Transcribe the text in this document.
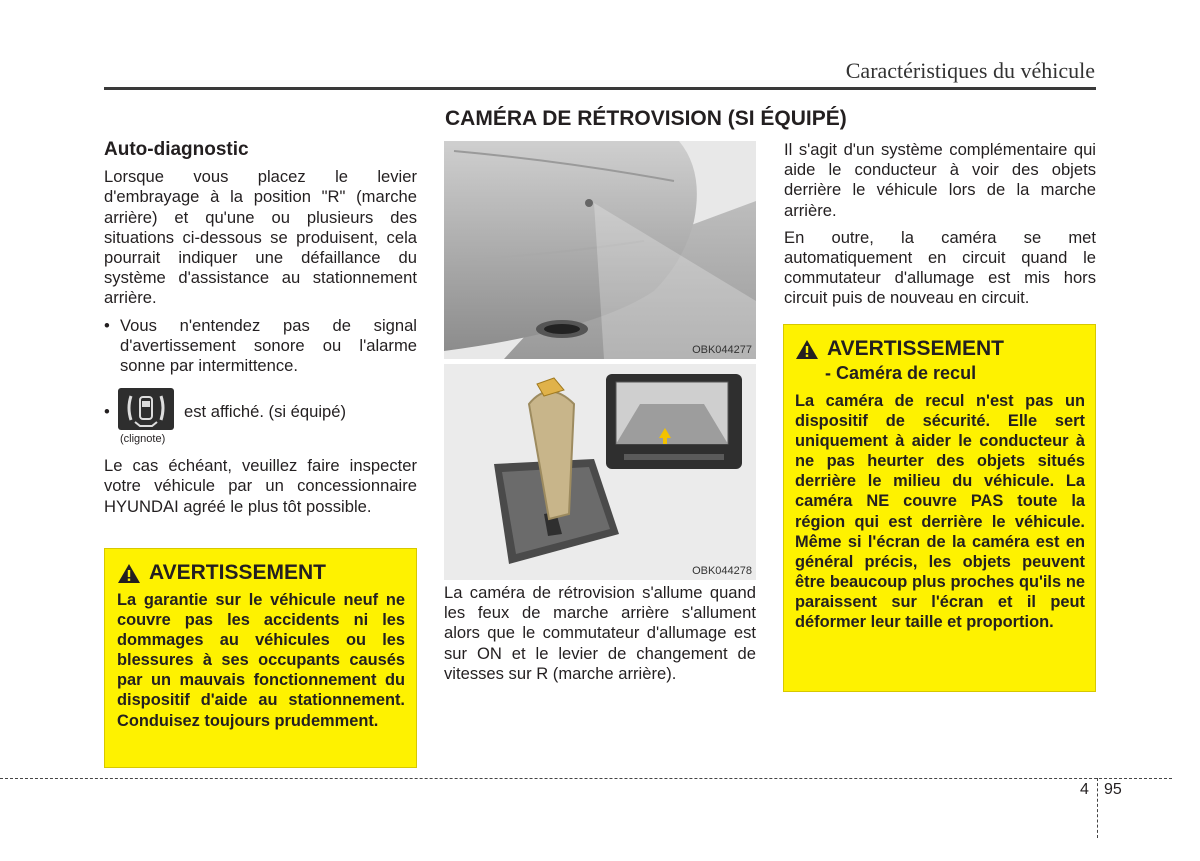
Caractéristiques du véhicule
CAMÉRA DE RÉTROVISION (SI ÉQUIPÉ)
Auto-diagnostic

Lorsque vous placez le levier d'embrayage à la position "R" (marche arrière) et qu'une ou plusieurs des situations ci-dessous se produisent, cela pourrait indiquer une défaillance du système d'assistance au stationnement arrière.

• Vous n'entendez pas de signal d'avertissement sonore ou l'alarme sonne par intermittence.
•	est affiché. (si équipé)
(clignote)

Le cas échéant, veuillez faire inspecter votre véhicule par un concessionnaire HYUNDAI agréé le plus tôt possible.

AVERTISSEMENT
La garantie sur le véhicule neuf ne couvre pas les accidents ni les dommages au véhicules ou les blessures à ses occupants causés par un mauvais fonctionnement du dispositif d'aide au stationnement. Conduisez toujours prudemment.
OBK044277
OBK044278
La caméra de rétrovision s'allume quand les feux de marche arrière s'allument alors que le commutateur d'allumage est sur ON et le levier de changement de vitesses sur R (marche arrière).

Il s'agit d'un système complémentaire qui aide le conducteur à voir des objets derrière le véhicule lors de la marche arrière.

En outre, la caméra se met automatiquement en circuit quand le commutateur d'allumage est mis hors circuit puis de nouveau en circuit.

AVERTISSEMENT
- Caméra de recul
La caméra de recul n'est pas un dispositif de sécurité. Elle sert uniquement à aider le conducteur à ne pas heurter des objets situés derrière le milieu du véhicule. La caméra NE couvre PAS toute la région qui est derrière le véhicule. Même si l'écran de la caméra est en général précis, les objets peuvent être beaucoup plus proches qu'ils ne paraissent sur l'écran et il peut déformer leur taille et proportion.
4 95
